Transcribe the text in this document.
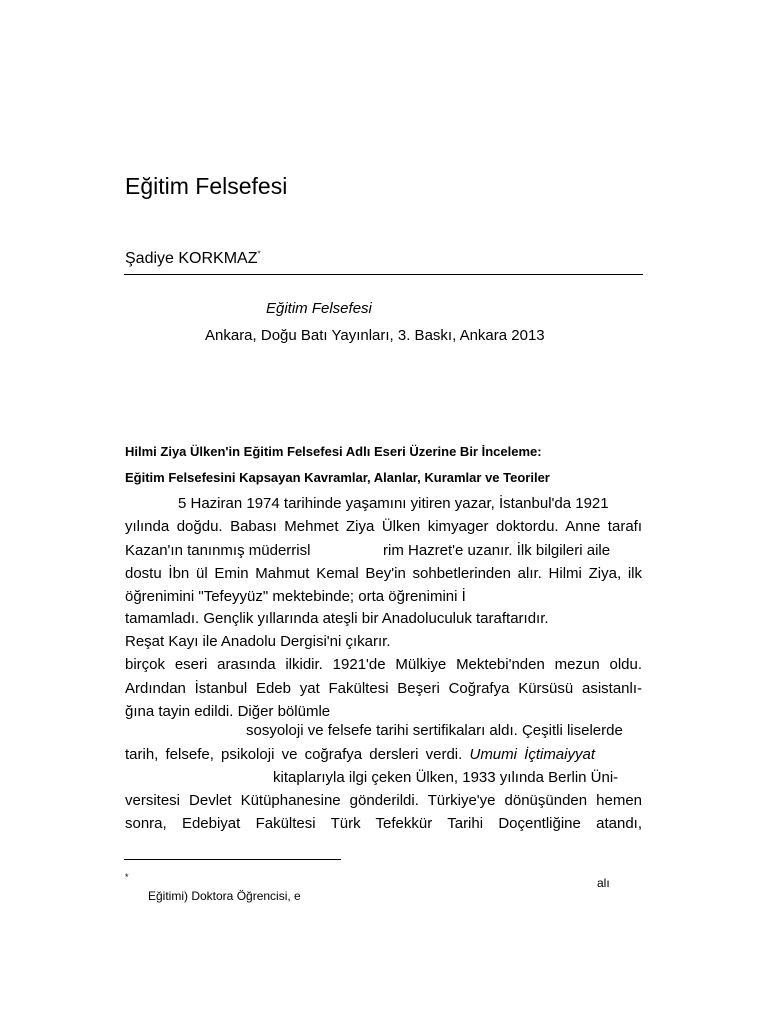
Eğitim Felsefesi
Şadiye KORKMAZ*
Eğitim Felsefesi
Ankara, Doğu Batı Yayınları, 3. Baskı, Ankara 2013
Hilmi Ziya Ülken'in Eğitim Felsefesi Adlı Eseri Üzerine Bir İnceleme:
Eğitim Felsefesini Kapsayan Kavramlar, Alanlar, Kuramlar ve Teoriler
5 Haziran 1974 tarihinde yaşamını yitiren yazar, İstanbul'da 1921
yılında doğdu. Babası Mehmet Ziya Ülken kimyager doktordu. Anne tarafı
Kazan'ın tanınmış müderrisl	rim Hazret'e uzanır. İlk bilgileri aile
dostu İbn ül Emin Mahmut Kemal Bey'in sohbetlerinden alır. Hilmi Ziya, ilk
öğrenimini "Tefeyyüz" mektebinde; orta öğrenimini İ
tamamladı. Gençlik yıllarında ateşli bir Anadoluculuk taraftarıdır.
Reşat Kayı ile Anadolu Dergisi'ni çıkarır.
birçok eseri arasında ilkidir. 1921'de Mülkiye Mektebi'nden mezun oldu.
Ardından İstanbul Edeb yat Fakültesi Beşeri Coğrafya Kürsüsü asistanlı-
ğına tayin edildi. Diğer bölümle
sosyoloji ve felsefe tarihi sertifikaları aldı. Çeşitli liselerde
tarih, felsefe, psikoloji ve coğrafya dersleri verdi. Umumi İçtimaiyyat
kitaplarıyla ilgi çeken Ülken, 1933 yılında Berlin Üni-
versitesi Devlet Kütüphanesine gönderildi. Türkiye'ye dönüşünden hemen
sonra, Edebiyat Fakültesi Türk Tefekkür Tarihi Doçentliğine atandı,
*	alı
Eğitimi) Doktora Öğrencisi, e
